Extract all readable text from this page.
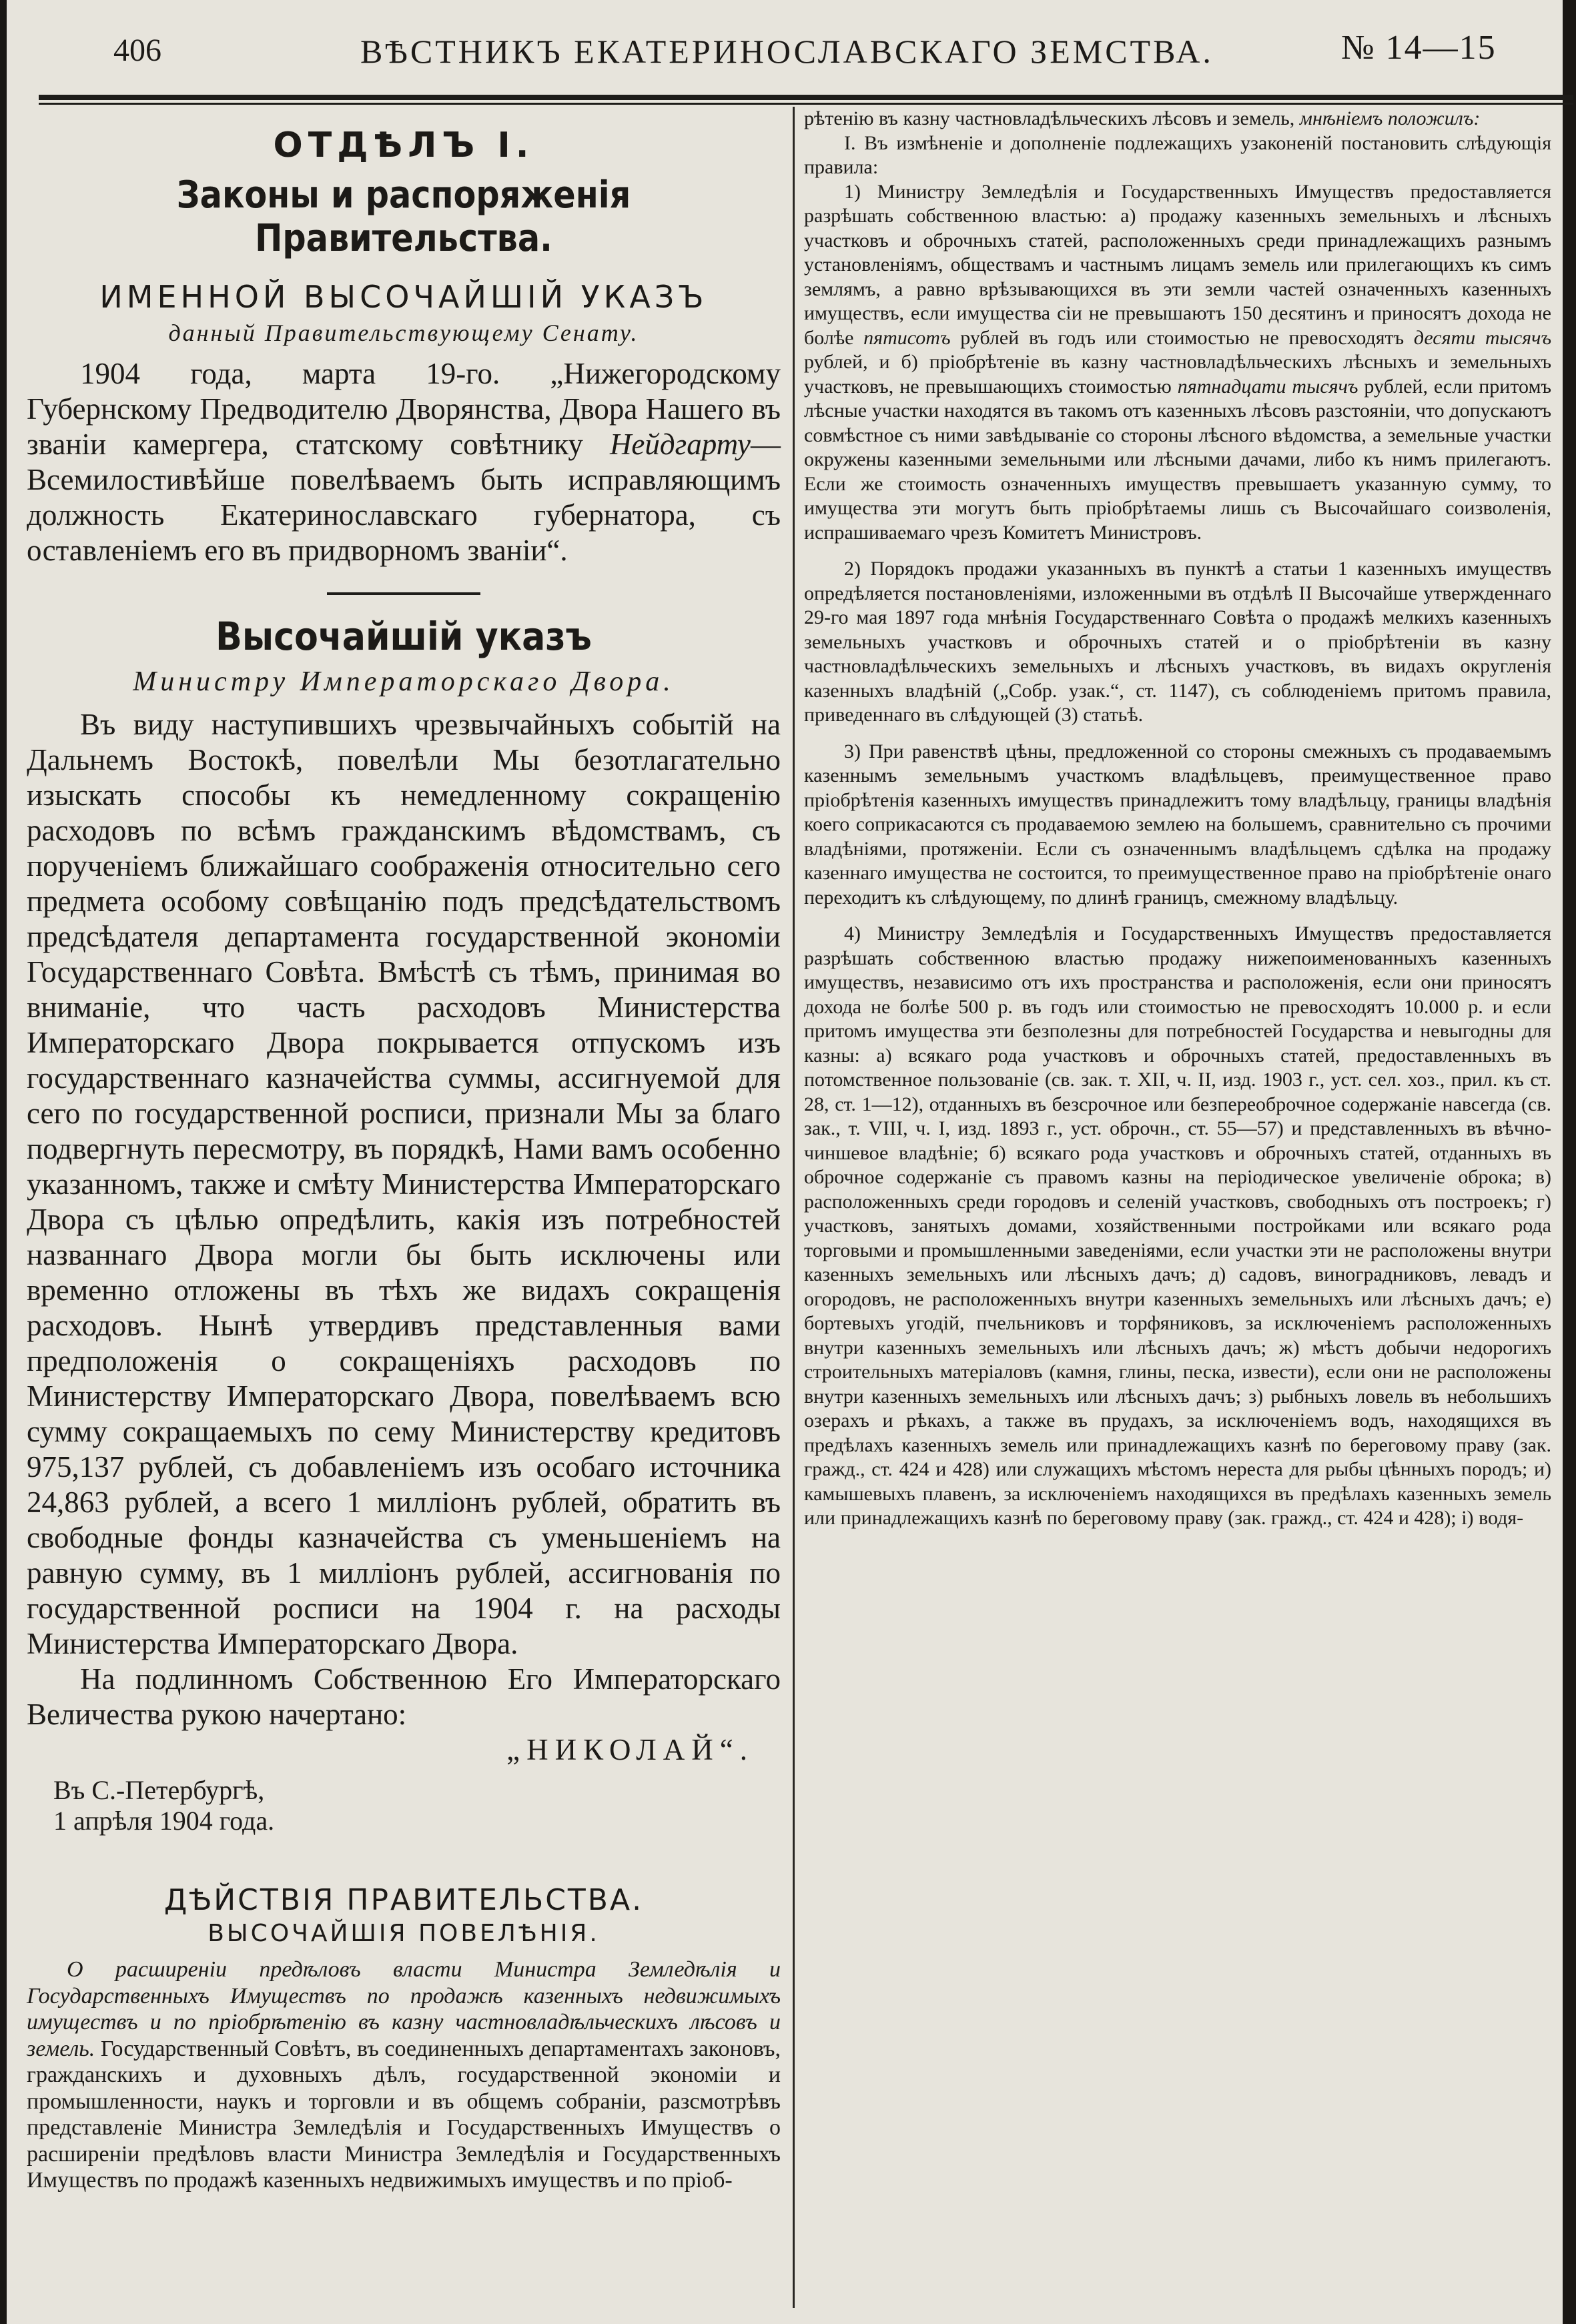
406	ВѢСТНИКЪ ЕКАТЕРИНОСЛАВСКАГО ЗЕМСТВА.	№ 14—15
ОТДѢЛЪ I.
Законы и распоряженія Правительства.
ИМЕННОЙ ВЫСОЧАЙШІЙ УКАЗЪ
данный Правительствующему Сенату.

1904 года, марта 19-го. „Нижегородскому Губернскому Предводителю Дворянства, Двора Нашего въ званіи камергера, статскому совѣтнику Нейдгарту—Всемилостивѣйше повелѣваемъ быть исправляющимъ должность Екатеринославскаго губернатора, съ оставленіемъ его въ придворномъ званіи“.

Высочайшій указъ
Министру Императорскаго Двора.

Въ виду наступившихъ чрезвычайныхъ событій на Дальнемъ Востокѣ, повелѣли Мы безотлагательно изыскать способы къ немедленному сокращенію расходовъ по всѣмъ гражданскимъ вѣдомствамъ, съ порученіемъ ближайшаго соображенія относительно сего предмета особому совѣщанію подъ предсѣдательствомъ предсѣдателя департамента государственной экономіи Государственнаго Совѣта. Вмѣстѣ съ тѣмъ, принимая во вниманіе, что часть расходовъ Министерства Императорскаго Двора покрывается отпускомъ изъ государственнаго казначейства суммы, ассигнуемой для сего по государственной росписи, признали Мы за благо подвергнуть пересмотру, въ порядкѣ, Нами вамъ особенно указанномъ, также и смѣту Министерства Императорскаго Двора съ цѣлью опредѣлить, какія изъ потребностей названнаго Двора могли бы быть исключены или временно отложены въ тѣхъ же видахъ сокращенія расходовъ. Нынѣ утвердивъ представленныя вами предположенія о сокращеніяхъ расходовъ по Министерству Императорскаго Двора, повелѣваемъ всю сумму сокращаемыхъ по сему Министерству кредитовъ 975,137 рублей, съ добавленіемъ изъ особаго источника 24,863 рублей, а всего 1 милліонъ рублей, обратить въ свободные фонды казначейства съ уменьшеніемъ на равную сумму, въ 1 милліонъ рублей, ассигнованія по государственной росписи на 1904 г. на расходы Министерства Императорскаго Двора.

На подлинномъ Собственною Его Императорскаго Величества рукою начертано:

„НИКОЛАЙ“.
Въ С.-Петербургѣ,
1 апрѣля 1904 года.
ДѢЙСТВІЯ ПРАВИТЕЛЬСТВА.
ВЫСОЧАЙШІЯ ПОВЕЛѢНІЯ.

О расширеніи предѣловъ власти Министра Земледѣлія и Государственныхъ Имуществъ по продажѣ казенныхъ недвижимыхъ имуществъ и по пріобрѣтенію въ казну частновладѣльческихъ лѣсовъ и земель. Государственный Совѣтъ, въ соединенныхъ департаментахъ законовъ, гражданскихъ и духовныхъ дѣлъ, государственной экономіи и промышленности, наукъ и торговли и въ общемъ собраніи, разсмотрѣвъ представленіе Министра Земледѣлія и Государственныхъ Имуществъ о расширеніи предѣловъ власти Министра Земледѣлія и Государственныхъ Имуществъ по продажѣ казенныхъ недвижимыхъ имуществъ и по пріоб-

рѣтенію въ казну частновладѣльческихъ лѣсовъ и земель, мнѣніемъ положилъ:

I. Въ измѣненіе и дополненіе подлежащихъ узаконеній постановить слѣдующія правила:

1) Министру Земледѣлія и Государственныхъ Имуществъ предоставляется разрѣшать собственною властью: а) продажу казенныхъ земельныхъ и лѣсныхъ участковъ и оброчныхъ статей, расположенныхъ среди принадлежащихъ разнымъ установленіямъ, обществамъ и частнымъ лицамъ земель или прилегающихъ къ симъ землямъ, а равно врѣзывающихся въ эти земли частей означенныхъ казенныхъ имуществъ, если имущества сіи не превышаютъ 150 десятинъ и приносятъ дохода не болѣе пятисотъ рублей въ годъ или стоимостью не превосходятъ десяти тысячъ рублей, и б) пріобрѣтеніе въ казну частновладѣльческихъ лѣсныхъ и земельныхъ участковъ, не превышающихъ стоимостью пятнадцати тысячъ рублей, если притомъ лѣсные участки находятся въ такомъ отъ казенныхъ лѣсовъ разстояніи, что допускаютъ совмѣстное съ ними завѣдываніе со стороны лѣсного вѣдомства, а земельные участки окружены казенными земельными или лѣсными дачами, либо къ нимъ прилегаютъ. Если же стоимость означенныхъ имуществъ превышаетъ указанную сумму, то имущества эти могутъ быть пріобрѣтаемы лишь съ Высочайшаго соизволенія, испрашиваемаго чрезъ Комитетъ Министровъ.

2) Порядокъ продажи указанныхъ въ пунктѣ а статьи 1 казенныхъ имуществъ опредѣляется постановленіями, изложенными въ отдѣлѣ II Высочайше утвержденнаго 29-го мая 1897 года мнѣнія Государственнаго Совѣта о продажѣ мелкихъ казенныхъ земельныхъ участковъ и оброчныхъ статей и о пріобрѣтеніи въ казну частновладѣльческихъ земельныхъ и лѣсныхъ участковъ, въ видахъ округленія казенныхъ владѣній („Собр. узак.“, ст. 1147), съ соблюденіемъ притомъ правила, приведеннаго въ слѣдующей (3) статьѣ.

3) При равенствѣ цѣны, предложенной со стороны смежныхъ съ продаваемымъ казеннымъ земельнымъ участкомъ владѣльцевъ, преимущественное право пріобрѣтенія казенныхъ имуществъ принадлежитъ тому владѣльцу, границы владѣнія коего соприкасаются съ продаваемою землею на большемъ, сравнительно съ прочими владѣніями, протяженіи. Если съ означеннымъ владѣльцемъ сдѣлка на продажу казеннаго имущества не состоится, то преимущественное право на пріобрѣтеніе онаго переходитъ къ слѣдующему, по длинѣ границъ, смежному владѣльцу.

4) Министру Земледѣлія и Государственныхъ Имуществъ предоставляется разрѣшать собственною властью продажу нижепоименованныхъ казенныхъ имуществъ, независимо отъ ихъ пространства и расположенія, если они приносятъ дохода не болѣе 500 р. въ годъ или стоимостью не превосходятъ 10.000 р. и если притомъ имущества эти безполезны для потребностей Государства и невыгодны для казны: а) всякаго рода участковъ и оброчныхъ статей, предоставленныхъ въ потомственное пользованіе (св. зак. т. XII, ч. II, изд. 1903 г., уст. сел. хоз., прил. къ ст. 28, ст. 1—12), отданныхъ въ безсрочное или безпереоброчное содержаніе навсегда (св. зак., т. VIII, ч. I, изд. 1893 г., уст. оброчн., ст. 55—57) и представленныхъ въ вѣчно-чиншевое владѣніе; б) всякаго рода участковъ и оброчныхъ статей, отданныхъ въ оброчное содержаніе съ правомъ казны на періодическое увеличеніе оброка; в) расположенныхъ среди городовъ и селеній участковъ, свободныхъ отъ построекъ; г) участковъ, занятыхъ домами, хозяйственными постройками или всякаго рода торговыми и промышленными заведеніями, если участки эти не расположены внутри казенныхъ земельныхъ или лѣсныхъ дачъ; д) садовъ, виноградниковъ, левадъ и огородовъ, не расположенныхъ внутри казенныхъ земельныхъ или лѣсныхъ дачъ; е) бортевыхъ угодій, пчельниковъ и торфяниковъ, за исключеніемъ расположенныхъ внутри казенныхъ земельныхъ или лѣсныхъ дачъ; ж) мѣстъ добычи недорогихъ строительныхъ матеріаловъ (камня, глины, песка, извести), если они не расположены внутри казенныхъ земельныхъ или лѣсныхъ дачъ; з) рыбныхъ ловель въ небольшихъ озерахъ и рѣкахъ, а также въ прудахъ, за исключеніемъ водъ, находящихся въ предѣлахъ казенныхъ земель или принадлежащихъ казнѣ по береговому праву (зак. гражд., ст. 424 и 428) или служащихъ мѣстомъ нереста для рыбы цѣнныхъ породъ; и) камышевыхъ плавенъ, за исключеніемъ находящихся въ предѣлахъ казенныхъ земель или принадлежащихъ казнѣ по береговому праву (зак. гражд., ст. 424 и 428); і) водя-
